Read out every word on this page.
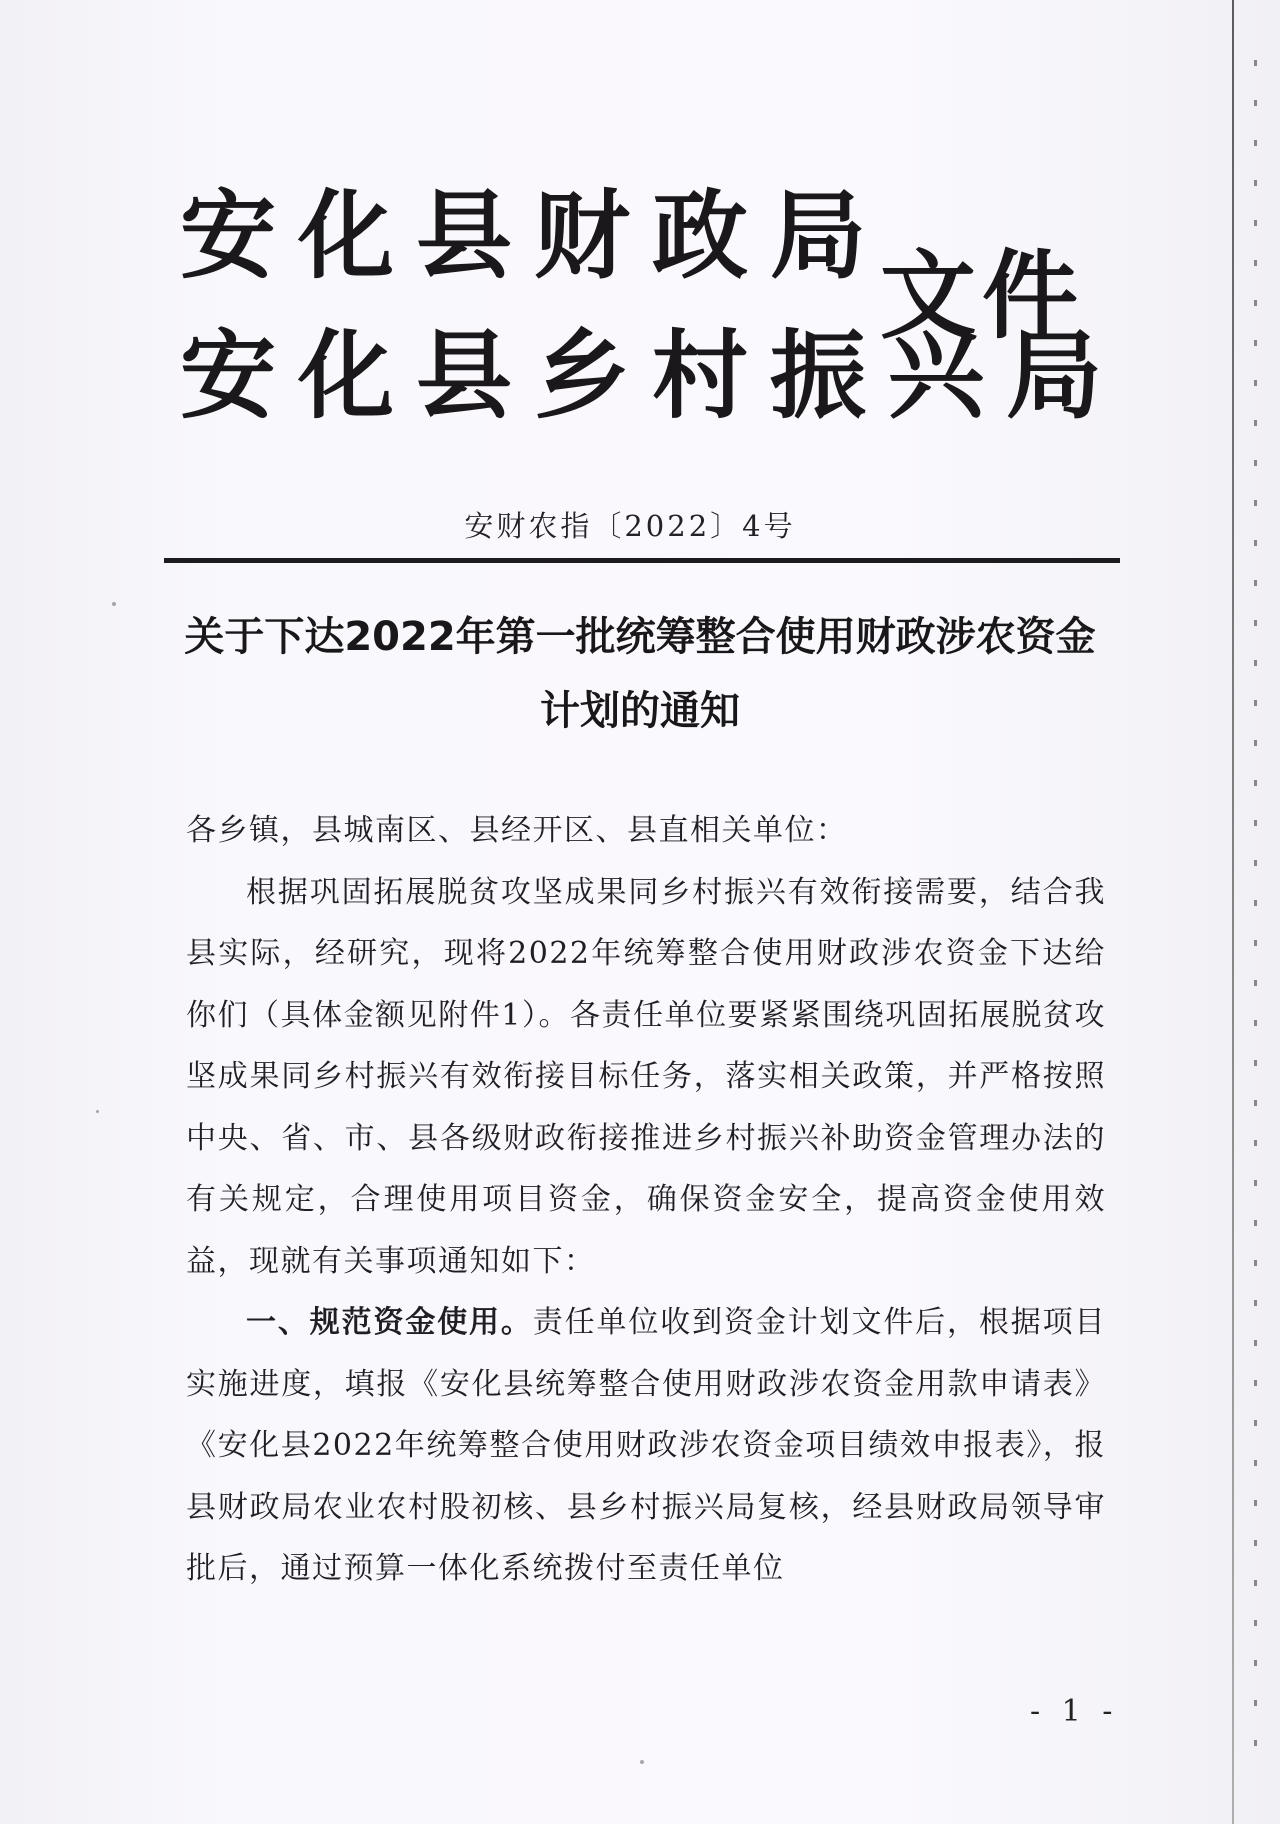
安化县财政局
安化县乡村振兴局
文件
安财农指〔2022〕4号
关于下达2022年第一批统筹整合使用财政涉农资金计划的通知

各乡镇，县城南区、县经开区、县直相关单位：

根据巩固拓展脱贫攻坚成果同乡村振兴有效衔接需要，结合我县实际，经研究，现将2022年统筹整合使用财政涉农资金下达给你们（具体金额见附件1）。各责任单位要紧紧围绕巩固拓展脱贫攻坚成果同乡村振兴有效衔接目标任务，落实相关政策，并严格按照中央、省、市、县各级财政衔接推进乡村振兴补助资金管理办法的有关规定，合理使用项目资金，确保资金安全，提高资金使用效益，现就有关事项通知如下：

一、规范资金使用。责任单位收到资金计划文件后，根据项目实施进度，填报《安化县统筹整合使用财政涉农资金用款申请表》《安化县2022年统筹整合使用财政涉农资金项目绩效申报表》，报县财政局农业农村股初核、县乡村振兴局复核，经县财政局领导审批后，通过预算一体化系统拨付至责任单位

- 1 -
